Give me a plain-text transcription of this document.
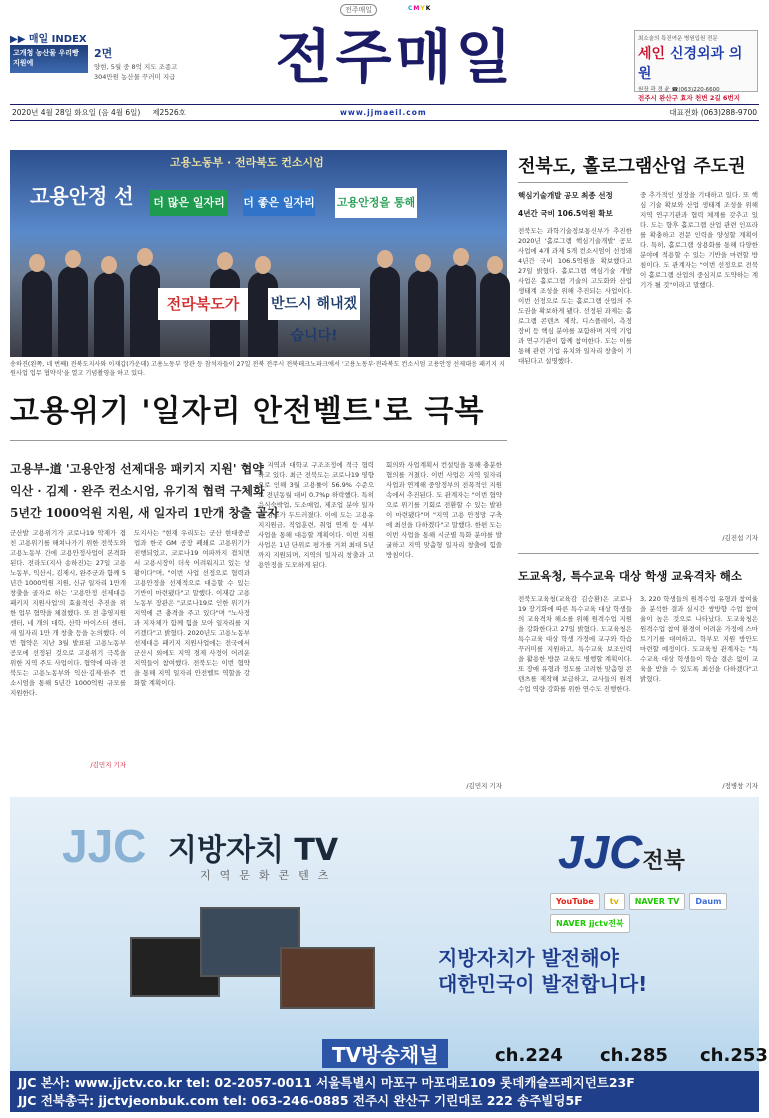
전주매일	CMYK
▶▶ 매일 INDEX
고개청 농산물 우리빵 지원에
2면
양현, 5월 중 8억 지도 조종고
304만원 농산물 꾸러미 지급	전주매일	최소술의 특진여운 병원입원 전문
세인 신경외과 의원
원장 곽 경 윤 ☎(063)220-6600
전주시 완산구 효자 천변 2길 6번지
2020년 4월 28일 화요일 (음 4월 6일) 제2526호	www.jjmaeil.com	대표전화 (063)288-9700
고용노동부 · 전라북도 컨소시엄
고용안정 선 더 많은 일자리 더 좋은 일자리 고용안정을 통해
전라북도가	반드시 해내겠습니다!
송하진(왼쪽, 네 번째) 전북도지사와 이재갑(가운데) 고용노동부 장관 등 참석자들이 27일 전북 전주시 전북테크노파크에서 '고용노동부·전라북도 컨소시엄 고용안정 선제대응 패키지 지원사업 업무 협약식'을 열고 기념촬영을 하고 있다.
고용위기 '일자리 안전벨트'로 극복
고용부-道 '고용안정 선제대응 패키지 지원' 협약
익산 · 김제 · 완주 컨소시엄, 유기적 협력 구체화
5년간 1000억원 지원, 새 일자리 1만개 창출 골자
군산발 고용위기가 코로나19 악재가 겹친 고용위기를 해쳐나가기 위한 전북도와 고용노동부 간에 고용안정사업이 본격화된다. 전라도(지사 송하진)는 27일 고용노동부, 익산시, 김제시, 완주군과 함께 5년간 1000억원 지원, 신규 일자리 1만개 창출을 골자로 하는 '고용안정 선제대응 패키지 지원사업'의 효율적인 추진을 위한 업무 협약을 체결했다. 또 전 총영지원센터, 네 개의 대학, 산학 마이스터 센터, 새 일자리 1만 개 창출 등을 논의했다. 이번 협약은 지난 3월 발표된 고용노동부 공모에 선정된 것으로 고용위기 극복을 위한 지역 주도 사업이다. 협약에 따라 전북도는 고용노동부와 익산·김제·완주 컨소시엄을 통해 5년간 1000억원 규모를 지원한다.
/김민지 기자
도지사는 "현재 우리도는 군산 현대중공업과 한국 GM 공장 폐쇄로 고용위기가 진행되었고, 코로나19 여파까지 겹치면서 고용시장이 더욱 어려워지고 있는 상황이다"며, "이번 사업 선정으로 협력과 고용안정을 선제적으로 대응할 수 있는 기반이 마련됐다"고 말했다. 이재갑 고용노동부 장관은 "코로나19로 인한 위기가 지역에 큰 충격을 주고 있다"며 "노사정과 지자체가 함께 힘을 모아 일자리를 지키겠다"고 밝혔다. 2020년도 고용노동부 선제대응 패키지 지원사업에는 전국에서 군산시 외에도 지역 경제 사정이 어려운 지역들이 참여했다. 전북도는 이번 협약을 통해 지역 일자리 안전벨트 역할을 강화할 계획이다.
는 지역과 대학교 구조조정에 적극 협력하고 있다. 최근 전북도는 코로나19 영향으로 인해 3월 고용률이 56.9% 수준으로 전년동월 대비 0.7%p 하락했다. 특히 음식숙박업, 도소매업, 제조업 분야 일자리 감소가 두드러졌다. 이에 도는 고용유지지원금, 직업훈련, 취업 연계 등 세부 사업을 통해 대응할 계획이다. 이번 지원 사업은 1년 단위로 평가를 거쳐 최대 5년까지 지원되며, 지역의 일자리 창출과 고용안정을 도모하게 된다.
회의와 사업계획서 컨설팅을 통해 충분한 협의를 거쳤다. 이번 사업은 지역 일자리사업과 연계해 중앙정부의 전폭적인 지원 속에서 추진된다. 도 관계자는 "이번 협약으로 위기를 기회로 전환할 수 있는 발판이 마련됐다"며 "지역 고용 안정망 구축에 최선을 다하겠다"고 말했다. 한편 도는 이번 사업을 통해 시군별 특화 분야를 발굴하고 지역 맞춤형 일자리 창출에 힘쓸 방침이다.
/김민지 기자
전북도, 홀로그램산업 주도권
핵심기술개발 공모 최종 선정
4년간 국비 106.5억원 확보
전북도는 과학기술정보통신부가 추진한 2020년 '홀로그램 핵심기술개발' 공모사업에 4개 과제 5개 컨소시엄이 선정돼 4년간 국비 106.5억원을 확보했다고 27일 밝혔다. 홀로그램 핵심기술 개발 사업은 홀로그램 기술의 고도화와 산업 생태계 조성을 위해 추진되는 사업이다. 이번 선정으로 도는 홀로그램 산업의 주도권을 확보하게 됐다. 선정된 과제는 홀로그램 콘텐츠 제작, 디스플레이, 측정 장비 등 핵심 분야를 포함하며 지역 기업과 연구기관이 함께 참여한다. 도는 이를 통해 관련 기업 유치와 일자리 창출이 기대된다고 설명했다.
중 추가적인 성장을 기대하고 있다. 또 핵심 기술 확보와 산업 생태계 조성을 위해 지역 연구기관과 협력 체계를 갖추고 있다. 도는 향후 홀로그램 산업 관련 인프라를 확충하고 전문 인력을 양성할 계획이다. 특히, 홀로그램 상용화를 통해 다양한 분야에 적용할 수 있는 기반을 마련할 방침이다. 도 관계자는 "이번 선정으로 전북이 홀로그램 산업의 중심지로 도약하는 계기가 될 것"이라고 말했다.
/김진섭 기자
도교육청, 특수교육 대상 학생 교육격차 해소
전북도교육청(교육감 김승환)은 코로나19 장기화에 따른 특수교육 대상 학생들의 교육격차 해소를 위해 원격수업 지원을 강화한다고 27일 밝혔다. 도교육청은 특수교육 대상 학생 가정에 교구와 학습꾸러미를 지원하고, 특수교육 보조인력을 활용한 방문 교육도 병행할 계획이다. 또 장애 유형과 정도를 고려한 맞춤형 콘텐츠를 제작해 보급하고, 교사들의 원격수업 역량 강화를 위한 연수도 진행한다.
3, 220 학생들의 원격수업 유형과 참여율을 분석한 결과 실시간 쌍방향 수업 참여율이 높은 것으로 나타났다. 도교육청은 원격수업 참여 환경이 어려운 가정에 스마트기기를 대여하고, 학부모 지원 방안도 마련할 예정이다. 도교육청 관계자는 "특수교육 대상 학생들이 학습 결손 없이 교육을 받을 수 있도록 최선을 다하겠다"고 밝혔다.
/정병창 기자
JJC 지방자치 TV
지역문화콘텐츠	JJC전북
YouTube	tv	NAVER TV	Daum
NAVER jjctv전북
지방자치가 발전해야
대한민국이 발전합니다!
TV방송채널	ch.224 ch.285 ch.253
JJC 본사: www.jjctv.co.kr tel: 02-2057-0011 서울특별시 마포구 마포대로109 롯데캐슬프레지던트23F
JJC 전북총국: jjctvjeonbuk.com tel: 063-246-0885 전주시 완산구 기린대로 222 송주빌딩5F
